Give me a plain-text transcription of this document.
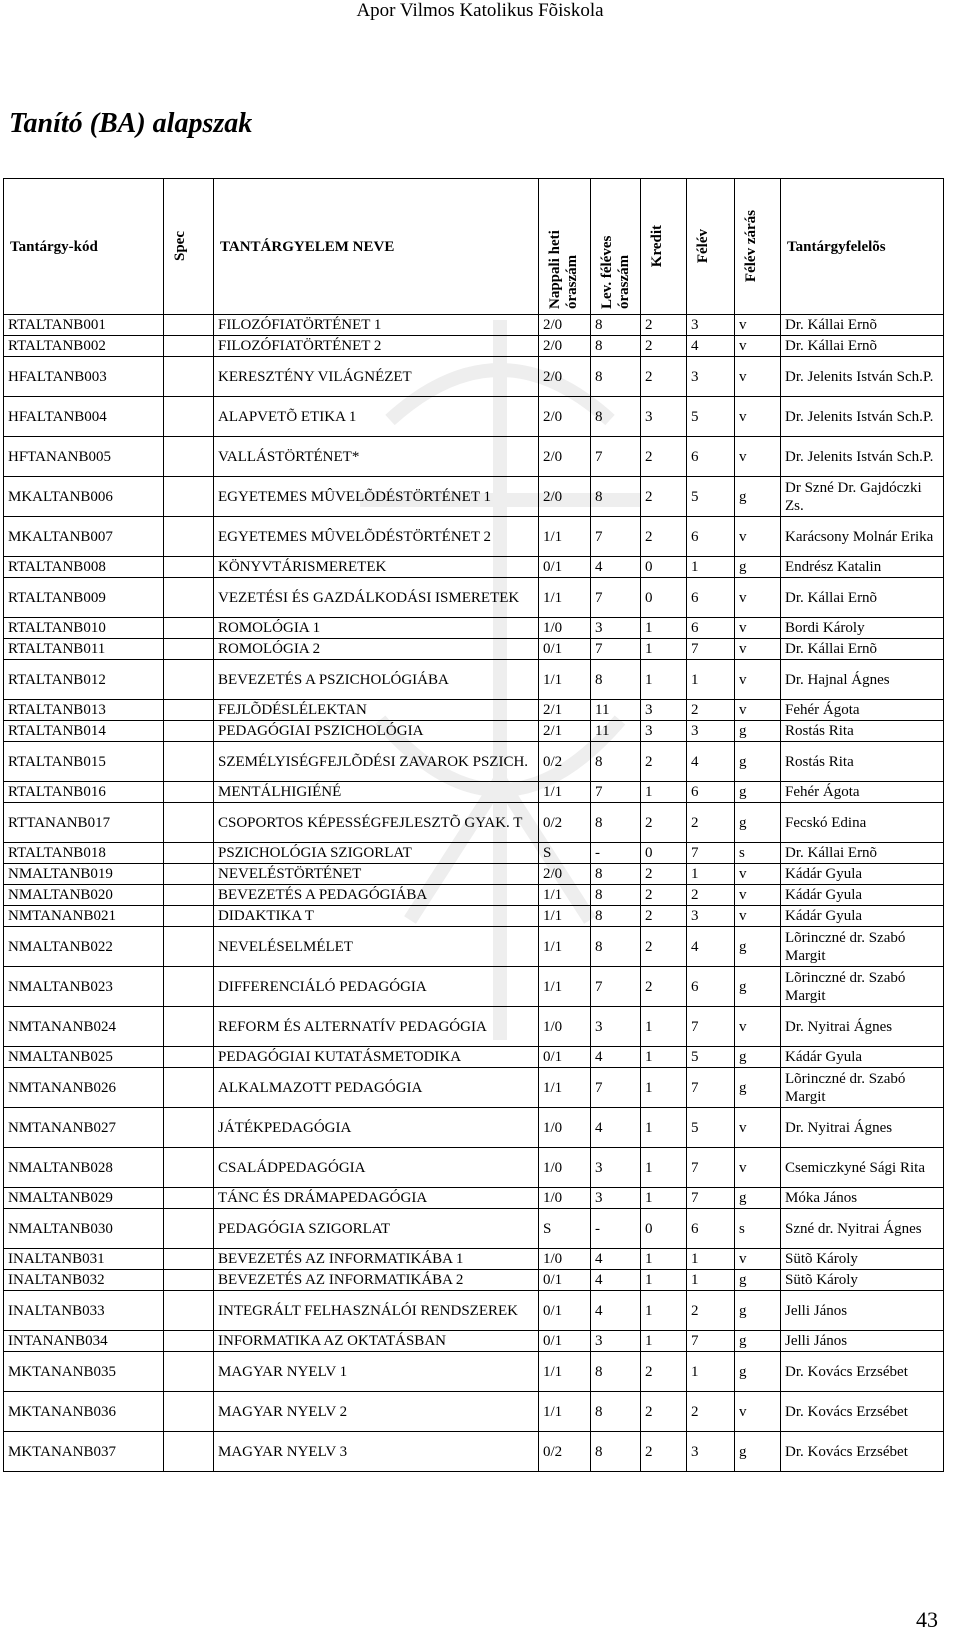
Apor Vilmos Katolikus Fõiskola
Tanító (BA) alapszak
Tantárgy-kód	Spec	TANTÁRGYELEM NEVE	Nappali heti óraszám	Lev. féléves óraszám	Kredit	Félév	Félév zárás	Tantárgyfelelõs
RTALTANB001		FILOZÓFIATÖRTÉNET 1	2/0	8	2	3	v	Dr. Kállai Ernõ
RTALTANB002		FILOZÓFIATÖRTÉNET 2	2/0	8	2	4	v	Dr. Kállai Ernõ
HFALTANB003		KERESZTÉNY VILÁGNÉZET	2/0	8	2	3	v	Dr. Jelenits István Sch.P.
HFALTANB004		ALAPVETÕ ETIKA 1	2/0	8	3	5	v	Dr. Jelenits István Sch.P.
HFTANANB005		VALLÁSTÖRTÉNET*	2/0	7	2	6	v	Dr. Jelenits István Sch.P.
MKALTANB006		EGYETEMES MÛVELÕDÉSTÖRTÉNET 1	2/0	8	2	5	g	Dr Szné Dr. Gajdóczki Zs.
MKALTANB007		EGYETEMES MÛVELÕDÉSTÖRTÉNET 2	1/1	7	2	6	v	Karácsony Molnár Erika
RTALTANB008		KÖNYVTÁRISMERETEK	0/1	4	0	1	g	Endrész Katalin
RTALTANB009		VEZETÉSI ÉS GAZDÁLKODÁSI ISMERETEK	1/1	7	0	6	v	Dr. Kállai Ernõ
RTALTANB010		ROMOLÓGIA 1	1/0	3	1	6	v	Bordi Károly
RTALTANB011		ROMOLÓGIA 2	0/1	7	1	7	v	Dr. Kállai Ernõ
RTALTANB012		BEVEZETÉS A PSZICHOLÓGIÁBA	1/1	8	1	1	v	Dr. Hajnal Ágnes
RTALTANB013		FEJLÕDÉSLÉLEKTAN	2/1	11	3	2	v	Fehér Ágota
RTALTANB014		PEDAGÓGIAI PSZICHOLÓGIA	2/1	11	3	3	g	Rostás Rita
RTALTANB015		SZEMÉLYISÉGFEJLÕDÉSI ZAVAROK PSZICH.	0/2	8	2	4	g	Rostás Rita
RTALTANB016		MENTÁLHIGIÉNÉ	1/1	7	1	6	g	Fehér Ágota
RTTANANB017		CSOPORTOS KÉPESSÉGFEJLESZTÕ GYAK. T	0/2	8	2	2	g	Fecskó Edina
RTALTANB018		PSZICHOLÓGIA SZIGORLAT	S	-	0	7	s	Dr. Kállai Ernõ
NMALTANB019		NEVELÉSTÖRTÉNET	2/0	8	2	1	v	Kádár Gyula
NMALTANB020		BEVEZETÉS A PEDAGÓGIÁBA	1/1	8	2	2	v	Kádár Gyula
NMTANANB021		DIDAKTIKA T	1/1	8	2	3	v	Kádár Gyula
NMALTANB022		NEVELÉSELMÉLET	1/1	8	2	4	g	Lõrinczné dr. Szabó Margit
NMALTANB023		DIFFERENCIÁLÓ PEDAGÓGIA	1/1	7	2	6	g	Lõrinczné dr. Szabó Margit
NMTANANB024		REFORM ÉS ALTERNATÍV PEDAGÓGIA	1/0	3	1	7	v	Dr. Nyitrai Ágnes
NMALTANB025		PEDAGÓGIAI KUTATÁSMETODIKA	0/1	4	1	5	g	Kádár Gyula
NMTANANB026		ALKALMAZOTT PEDAGÓGIA	1/1	7	1	7	g	Lõrinczné dr. Szabó Margit
NMTANANB027		JÁTÉKPEDAGÓGIA	1/0	4	1	5	v	Dr. Nyitrai Ágnes
NMALTANB028		CSALÁDPEDAGÓGIA	1/0	3	1	7	v	Csemiczkyné Sági Rita
NMALTANB029		TÁNC ÉS DRÁMAPEDAGÓGIA	1/0	3	1	7	g	Móka János
NMALTANB030		PEDAGÓGIA SZIGORLAT	S	-	0	6	s	Szné dr. Nyitrai Ágnes
INALTANB031		BEVEZETÉS AZ INFORMATIKÁBA 1	1/0	4	1	1	v	Sütõ Károly
INALTANB032		BEVEZETÉS AZ INFORMATIKÁBA 2	0/1	4	1	1	g	Sütõ Károly
INALTANB033		INTEGRÁLT FELHASZNÁLÓI RENDSZEREK	0/1	4	1	2	g	Jelli János
INTANANB034		INFORMATIKA AZ OKTATÁSBAN	0/1	3	1	7	g	Jelli János
MKTANANB035		MAGYAR NYELV 1	1/1	8	2	1	g	Dr. Kovács Erzsébet
MKTANANB036		MAGYAR NYELV 2	1/1	8	2	2	v	Dr. Kovács Erzsébet
MKTANANB037		MAGYAR NYELV 3	0/2	8	2	3	g	Dr. Kovács Erzsébet
43
